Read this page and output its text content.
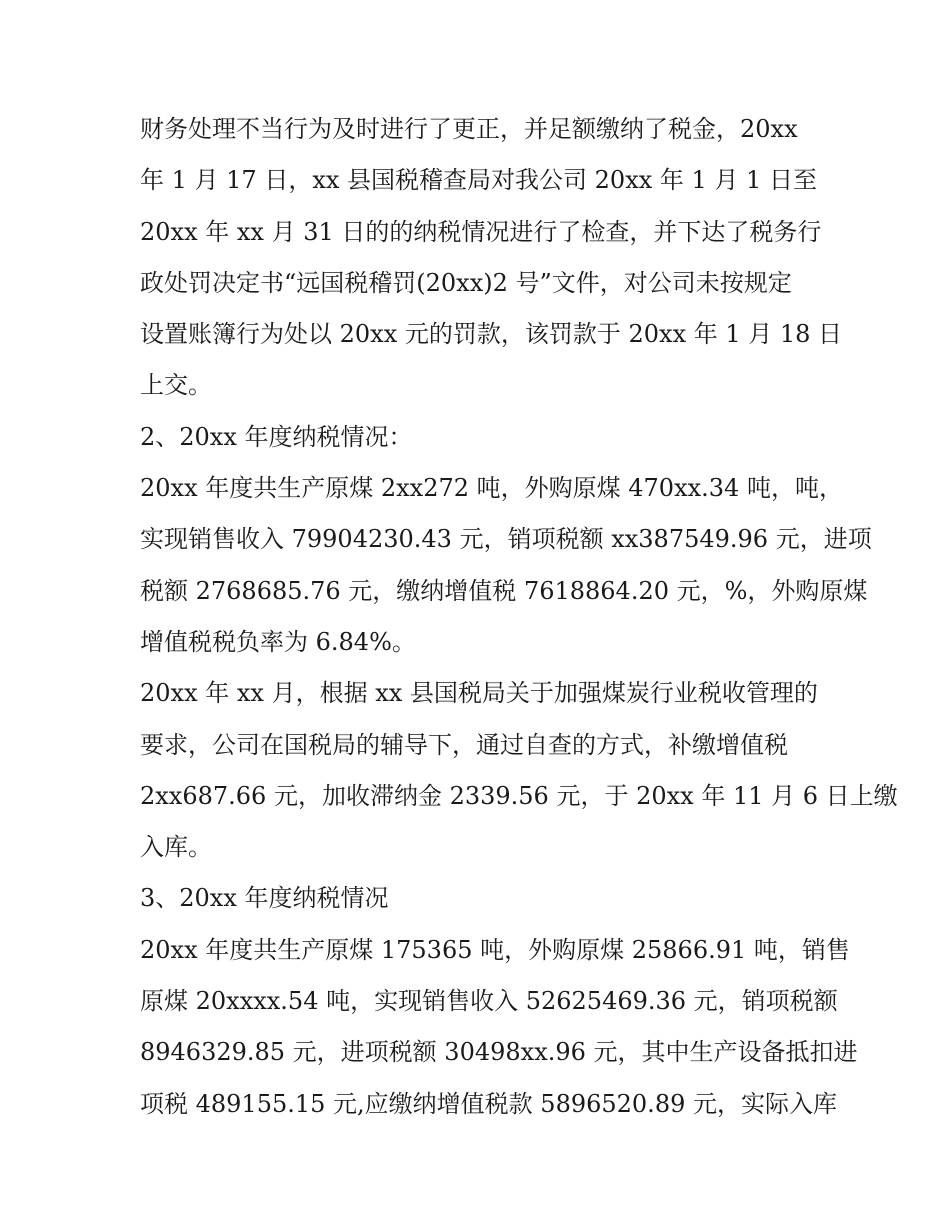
财务处理不当行为及时进行了更正，并足额缴纳了税金，20xx
年 1 月 17 日，xx 县国税稽查局对我公司 20xx 年 1 月 1 日至
20xx 年 xx 月 31 日的的纳税情况进行了检查，并下达了税务行
政处罚决定书“远国税稽罚(20xx)2 号”文件，对公司未按规定
设置账簿行为处以 20xx 元的罚款，该罚款于 20xx 年 1 月 18 日
上交。
2、20xx 年度纳税情况：
20xx 年度共生产原煤 2xx272 吨，外购原煤 470xx.34 吨，吨，
实现销售收入 79904230.43 元，销项税额 xx387549.96 元，进项
税额 2768685.76 元，缴纳增值税 7618864.20 元，%，外购原煤
增值税税负率为 6.84%。
20xx 年 xx 月，根据 xx 县国税局关于加强煤炭行业税收管理的
要求，公司在国税局的辅导下，通过自查的方式，补缴增值税
2xx687.66 元，加收滞纳金 2339.56 元，于 20xx 年 11 月 6 日上缴
入库。
3、20xx 年度纳税情况
20xx 年度共生产原煤 175365 吨，外购原煤 25866.91 吨，销售
原煤 20xxxx.54 吨，实现销售收入 52625469.36 元，销项税额
8946329.85 元，进项税额 30498xx.96 元，其中生产设备抵扣进
项税 489155.15 元,应缴纳增值税款 5896520.89 元，实际入库
